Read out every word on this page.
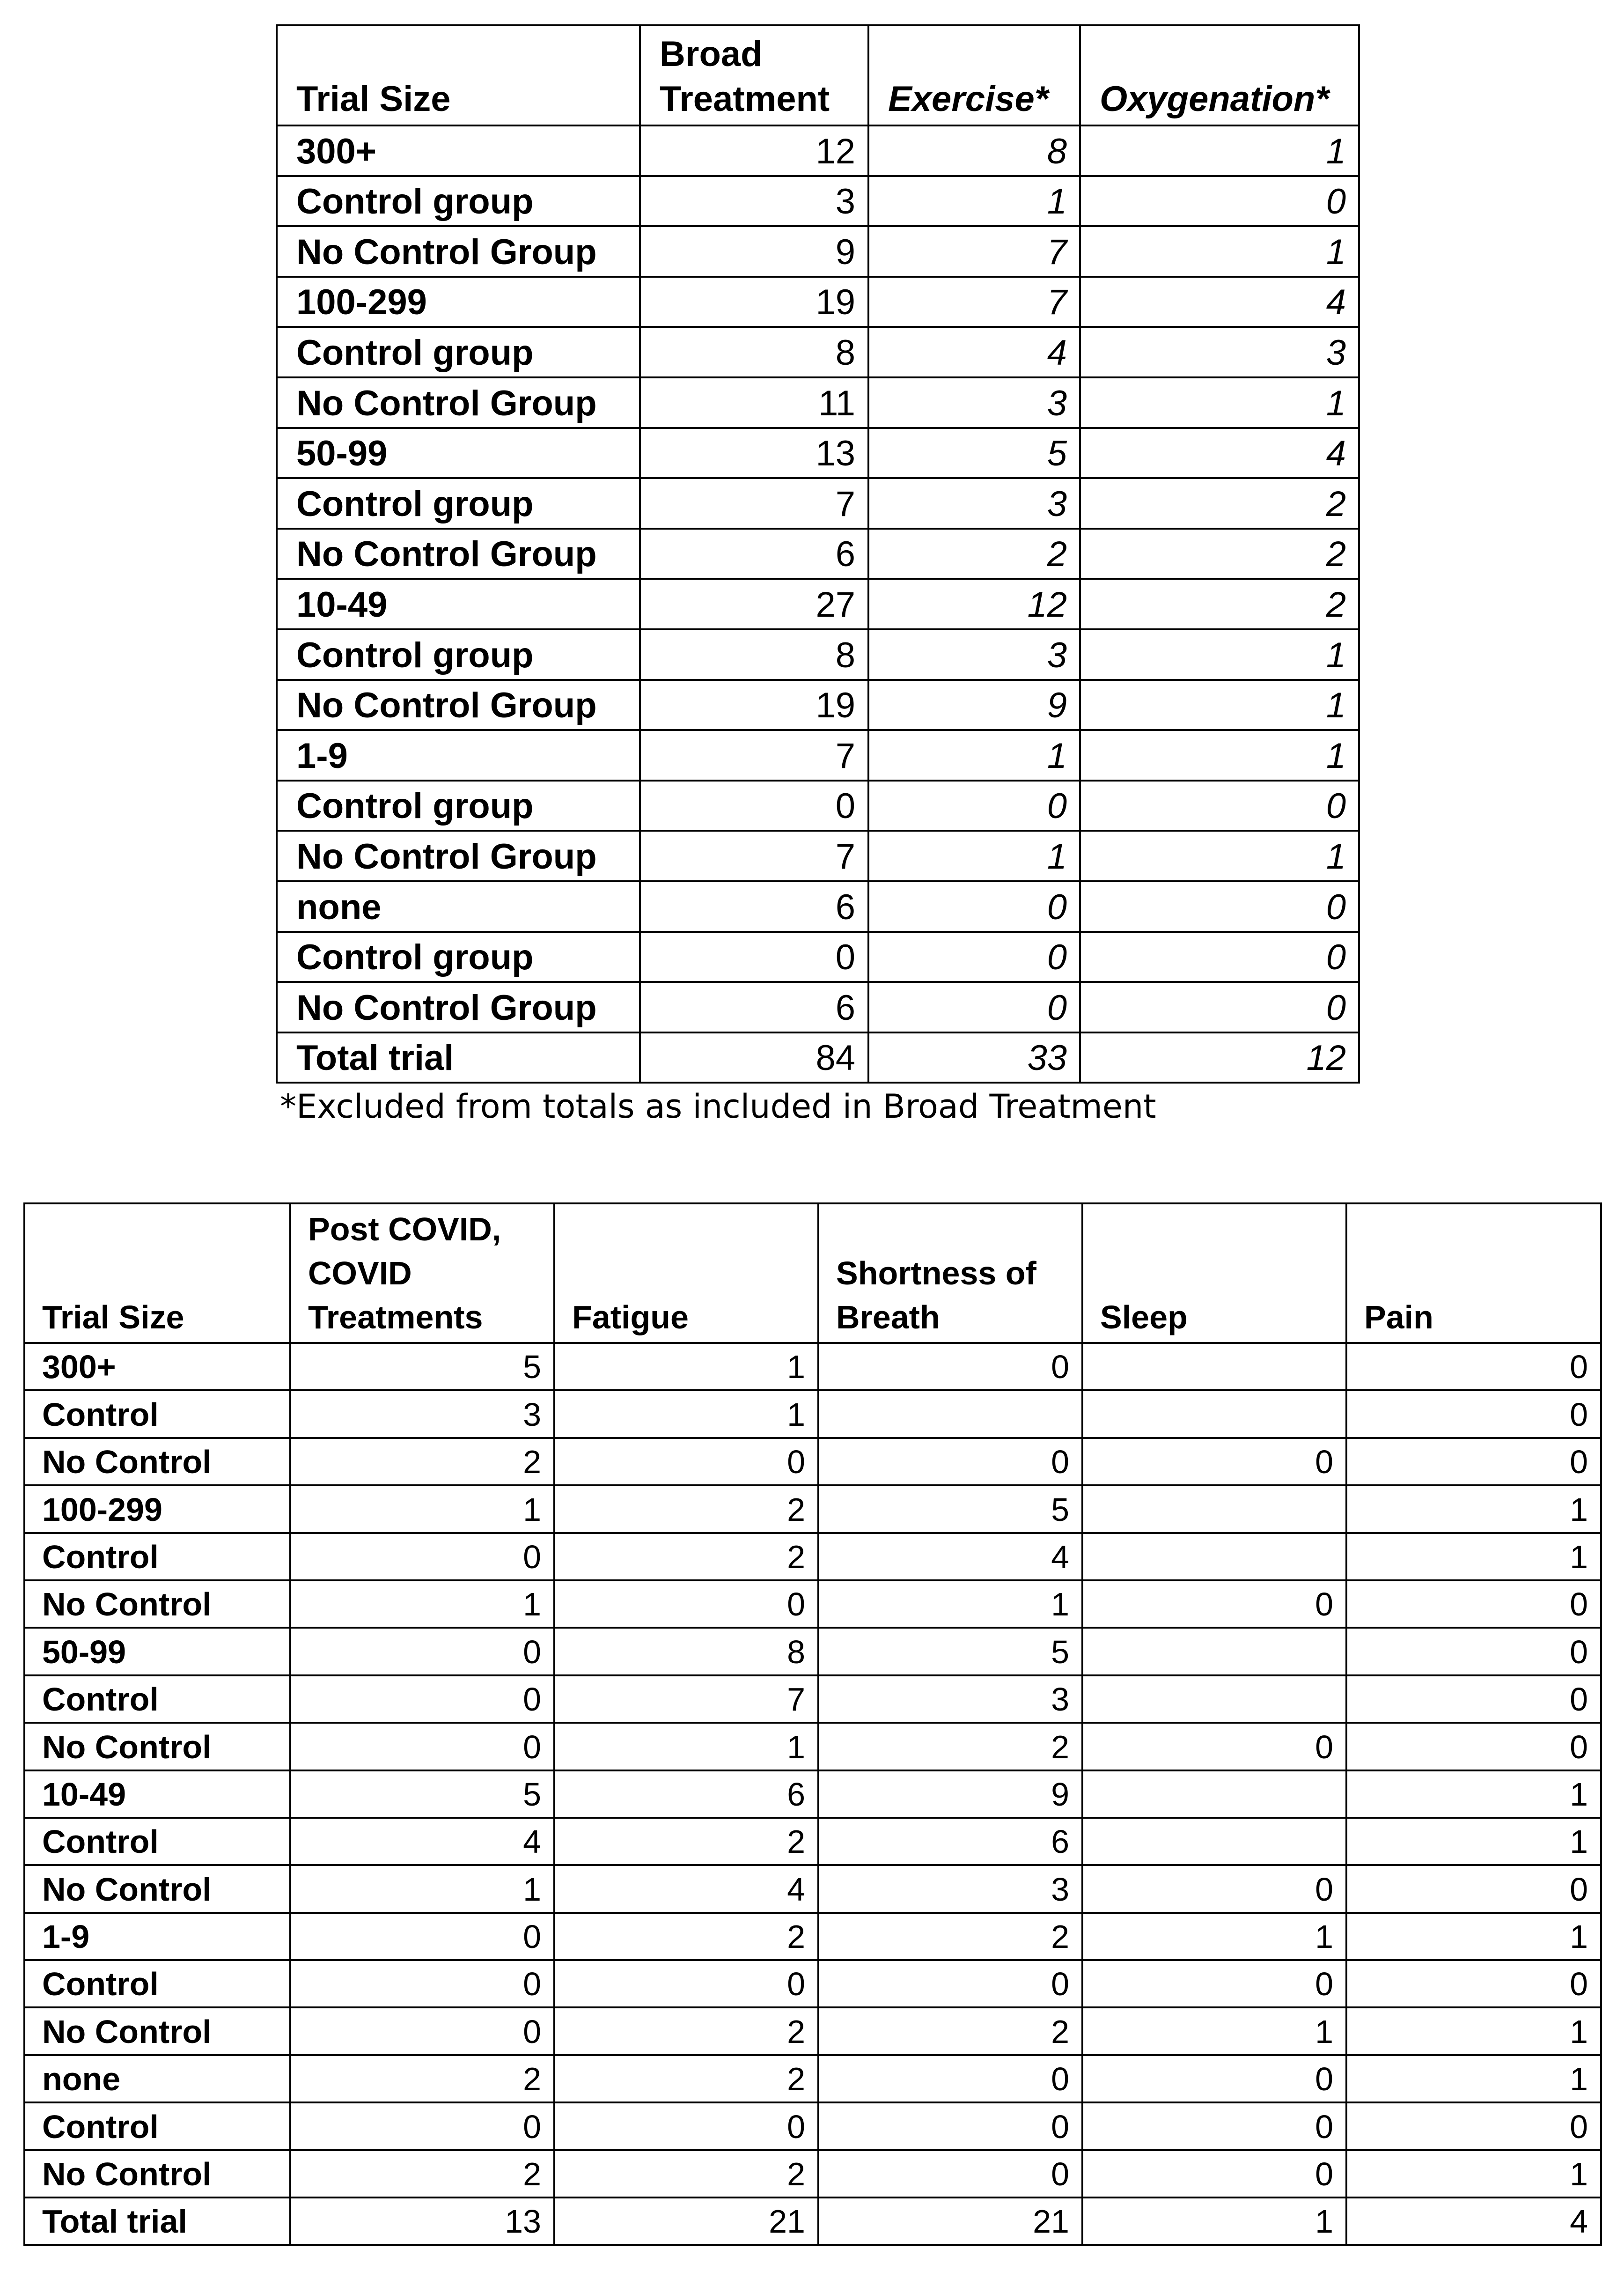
Trial Size	Broad Treatment	Exercise*	Oxygenation*
300+	12	8	1
Control group	3	1	0
No Control Group	9	7	1
100-299	19	7	4
Control group	8	4	3
No Control Group	11	3	1
50-99	13	5	4
Control group	7	3	2
No Control Group	6	2	2
10-49	27	12	2
Control group	8	3	1
No Control Group	19	9	1
1-9	7	1	1
Control group	0	0	0
No Control Group	7	1	1
none	6	0	0
Control group	0	0	0
No Control Group	6	0	0
Total trial	84	33	12
*Excluded from totals as included in Broad Treatment
Trial Size	Post COVID, COVID Treatments	Fatigue	Shortness of Breath	Sleep	Pain
300+	5	1	0		0
Control	3	1			0
No Control	2	0	0	0	0
100-299	1	2	5		1
Control	0	2	4		1
No Control	1	0	1	0	0
50-99	0	8	5		0
Control	0	7	3		0
No Control	0	1	2	0	0
10-49	5	6	9		1
Control	4	2	6		1
No Control	1	4	3	0	0
1-9	0	2	2	1	1
Control	0	0	0	0	0
No Control	0	2	2	1	1
none	2	2	0	0	1
Control	0	0	0	0	0
No Control	2	2	0	0	1
Total trial	13	21	21	1	4
